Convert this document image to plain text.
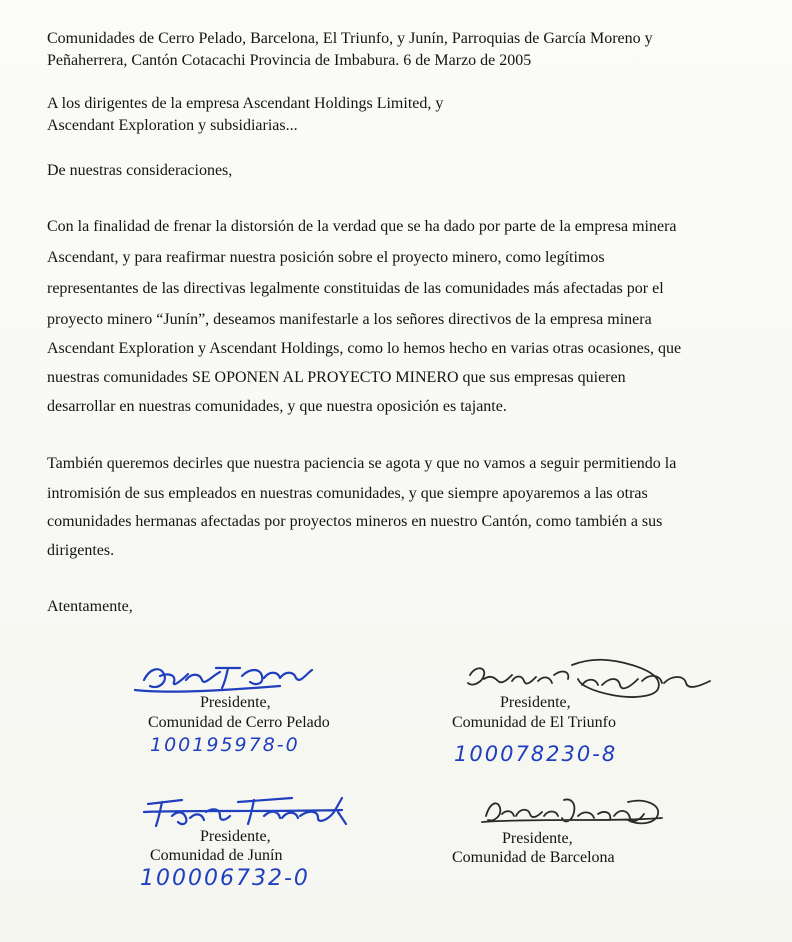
Comunidades de Cerro Pelado, Barcelona, El Triunfo, y Junín, Parroquias de García Moreno y
Peñaherrera, Cantón Cotacachi Provincia de Imbabura. 6 de Marzo de 2005
A los dirigentes de la empresa Ascendant Holdings Limited, y
Ascendant Exploration y subsidiarias...
De nuestras consideraciones,
Con la finalidad de frenar la distorsión de la verdad que se ha dado por parte de la empresa minera
Ascendant, y para reafirmar nuestra posición sobre el proyecto minero, como legítimos
representantes de las directivas legalmente constituidas de las comunidades más afectadas por el
proyecto minero “Junín”, deseamos manifestarle a los señores directivos de la empresa minera
Ascendant Exploration y Ascendant Holdings, como lo hemos hecho en varias otras ocasiones, que
nuestras comunidades SE OPONEN AL PROYECTO MINERO que sus empresas quieren
desarrollar en nuestras comunidades, y que nuestra oposición es tajante.
También queremos decirles que nuestra paciencia se agota y que no vamos a seguir permitiendo la
intromisión de sus empleados en nuestras comunidades, y que siempre apoyaremos a las otras
comunidades hermanas afectadas por proyectos mineros en nuestro Cantón, como también a sus
dirigentes.
Atentamente,
Presidente,
Comunidad de Cerro Pelado
100195978-0
Presidente,
Comunidad de El Triunfo
100078230-8
Presidente,
Comunidad de Junín
100006732-0
Presidente,
Comunidad de Barcelona
